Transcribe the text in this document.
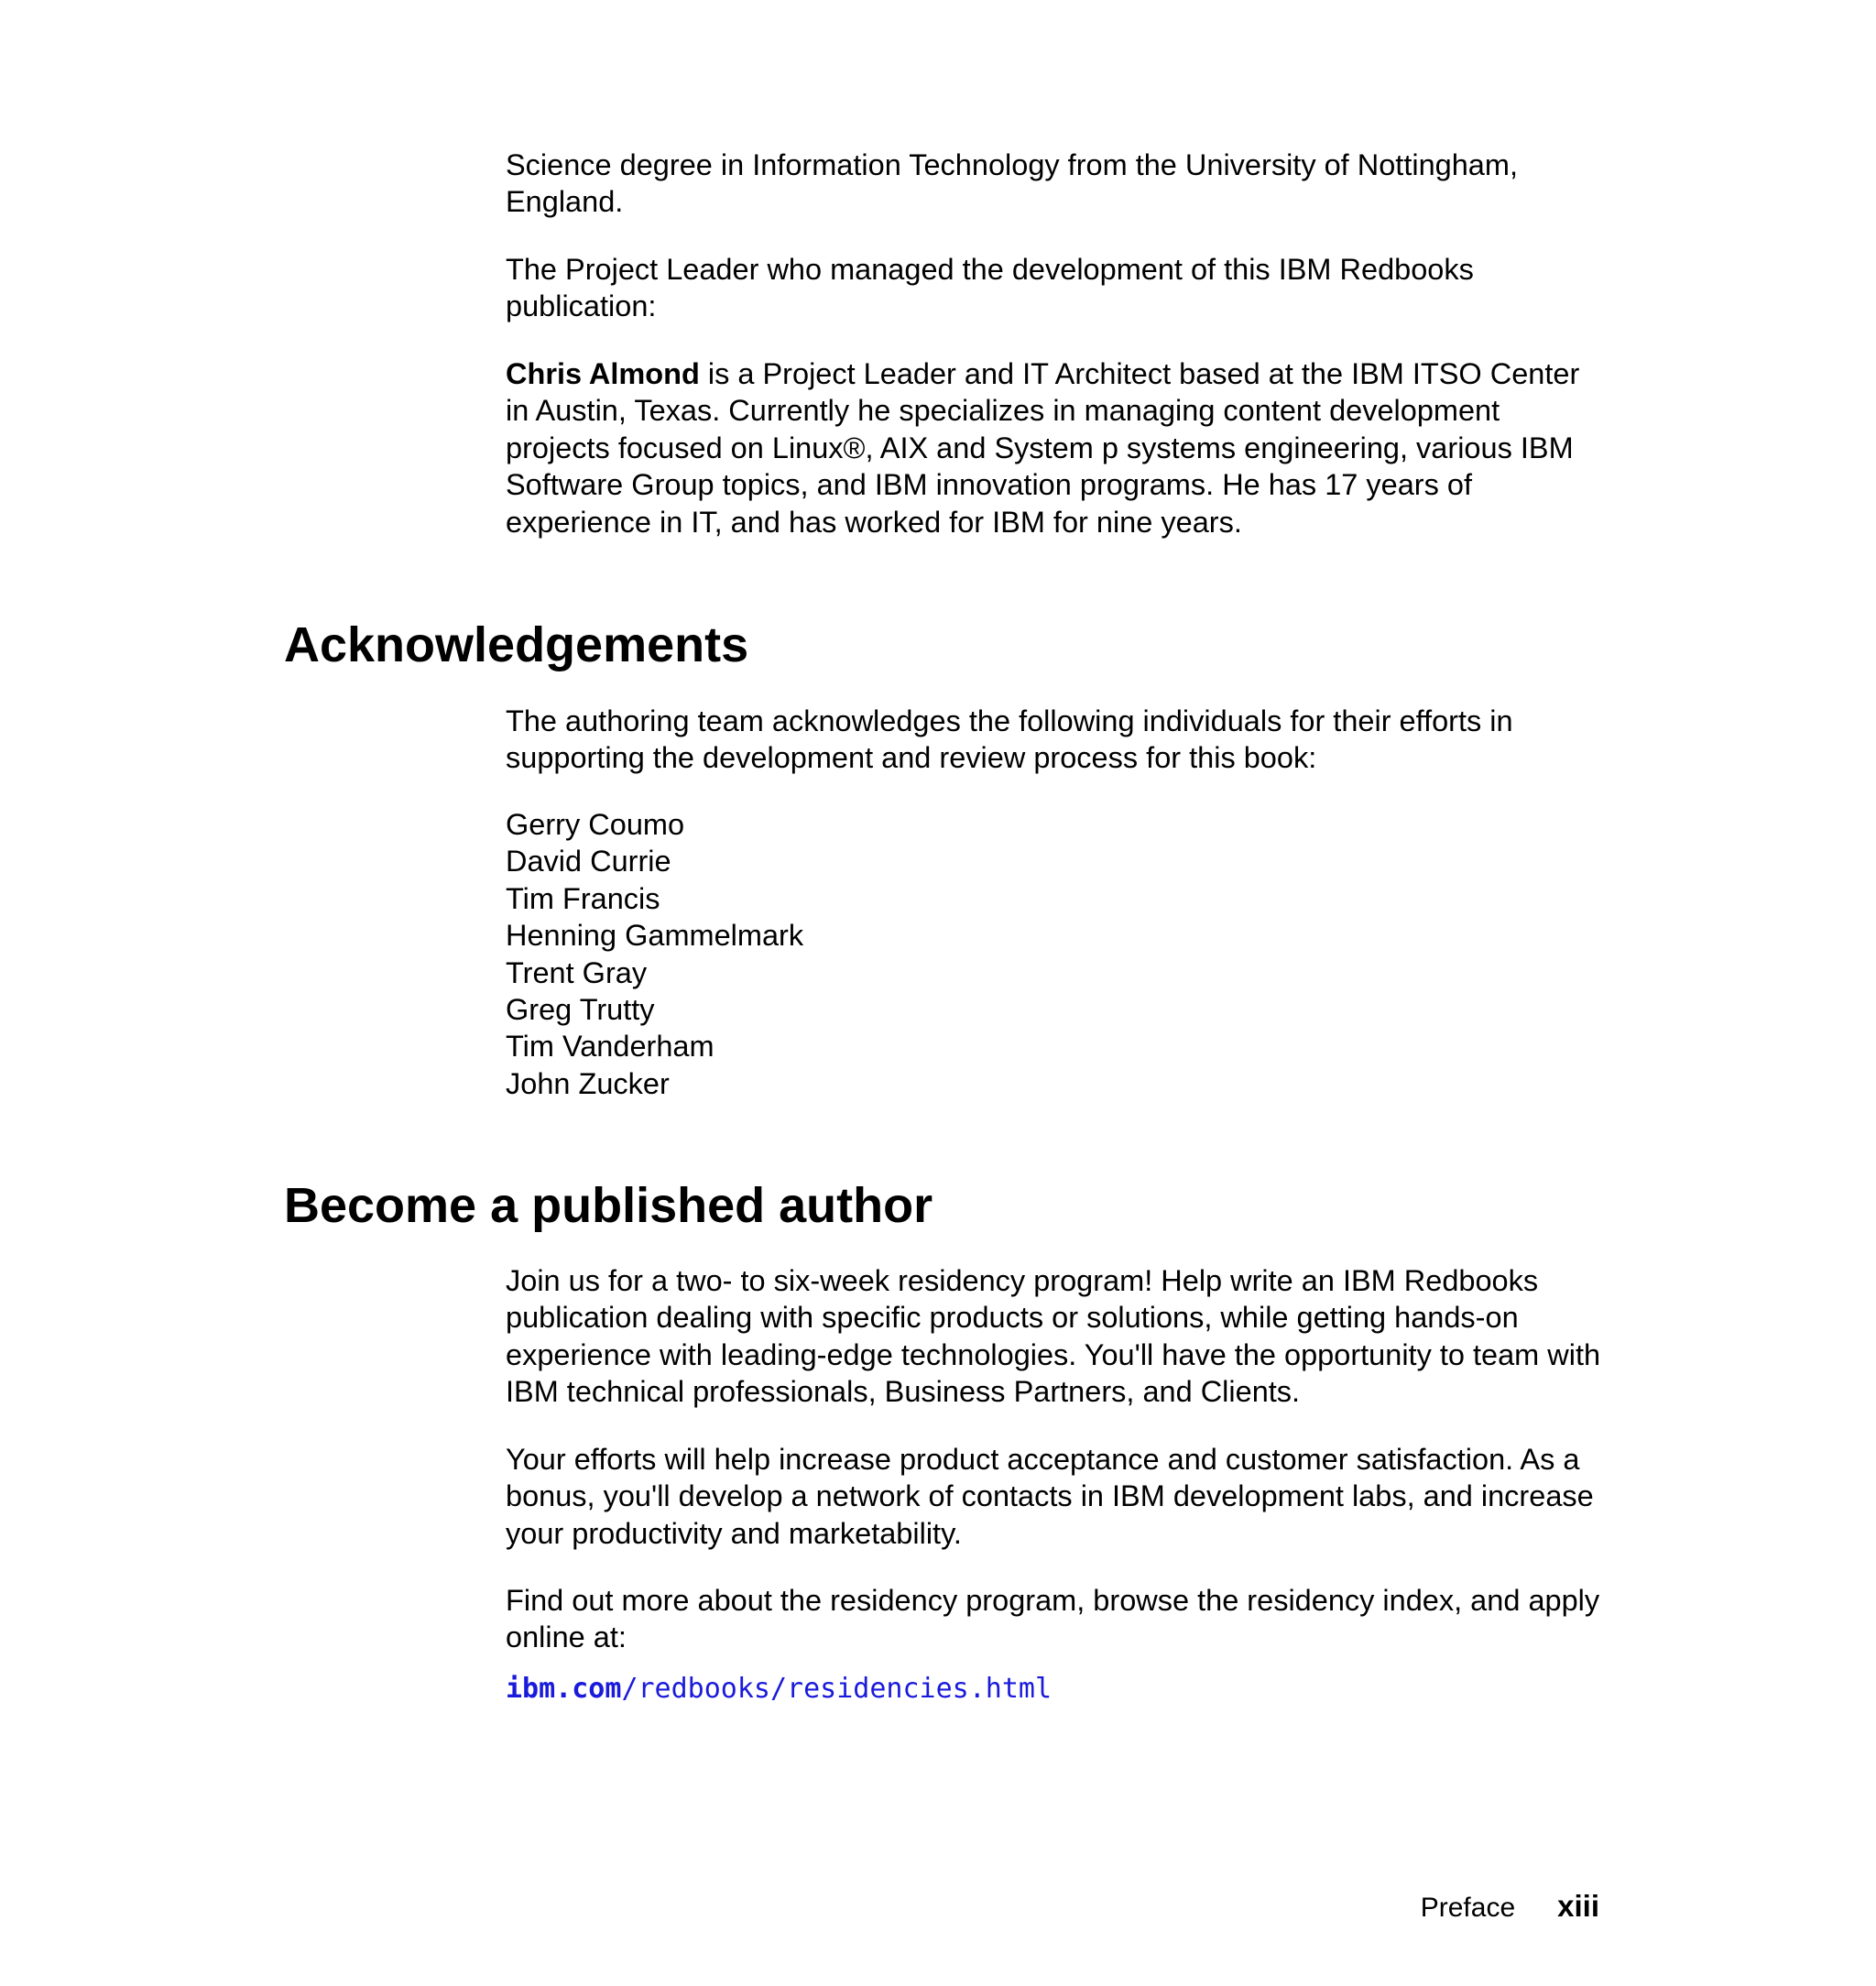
Science degree in Information Technology from the University of Nottingham, England.

The Project Leader who managed the development of this IBM Redbooks publication:

Chris Almond is a Project Leader and IT Architect based at the IBM ITSO Center in Austin, Texas. Currently he specializes in managing content development projects focused on Linux®, AIX and System p systems engineering, various IBM Software Group topics, and IBM innovation programs. He has 17 years of experience in IT, and has worked for IBM for nine years.

Acknowledgements

The authoring team acknowledges the following individuals for their efforts in supporting the development and review process for this book:

Gerry Coumo
David Currie
Tim Francis
Henning Gammelmark
Trent Gray
Greg Trutty
Tim Vanderham
John Zucker
Become a published author

Join us for a two- to six-week residency program! Help write an IBM Redbooks publication dealing with specific products or solutions, while getting hands-on experience with leading-edge technologies. You'll have the opportunity to team with IBM technical professionals, Business Partners, and Clients.

Your efforts will help increase product acceptance and customer satisfaction. As a bonus, you'll develop a network of contacts in IBM development labs, and increase your productivity and marketability.

Find out more about the residency program, browse the residency index, and apply online at:

ibm.com/redbooks/residencies.html
Preface xiii
